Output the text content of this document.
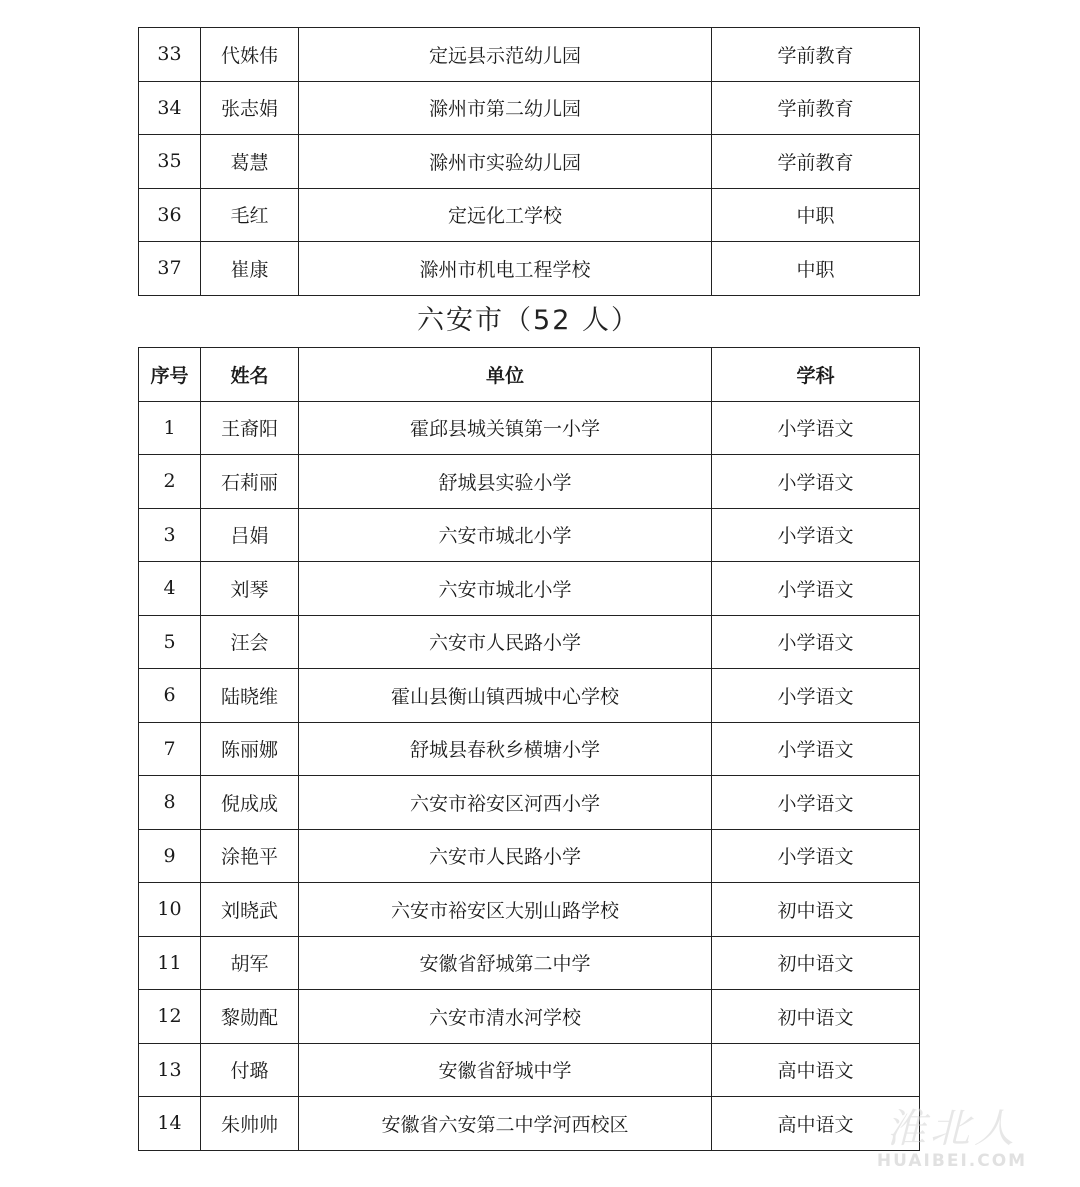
33	代姝伟	定远县示范幼儿园	学前教育
34	张志娟	滁州市第二幼儿园	学前教育
35	葛慧	滁州市实验幼儿园	学前教育
36	毛红	定远化工学校	中职
37	崔康	滁州市机电工程学校	中职
六安市（52 人）
序号	姓名	单位	学科
1	王裔阳	霍邱县城关镇第一小学	小学语文
2	石莉丽	舒城县实验小学	小学语文
3	吕娟	六安市城北小学	小学语文
4	刘琴	六安市城北小学	小学语文
5	汪会	六安市人民路小学	小学语文
6	陆晓维	霍山县衡山镇西城中心学校	小学语文
7	陈丽娜	舒城县春秋乡横塘小学	小学语文
8	倪成成	六安市裕安区河西小学	小学语文
9	涂艳平	六安市人民路小学	小学语文
10	刘晓武	六安市裕安区大别山路学校	初中语文
11	胡军	安徽省舒城第二中学	初中语文
12	黎勋配	六安市清水河学校	初中语文
13	付璐	安徽省舒城中学	高中语文
14	朱帅帅	安徽省六安第二中学河西校区	高中语文 淮北人
HUAIBEI.COM
